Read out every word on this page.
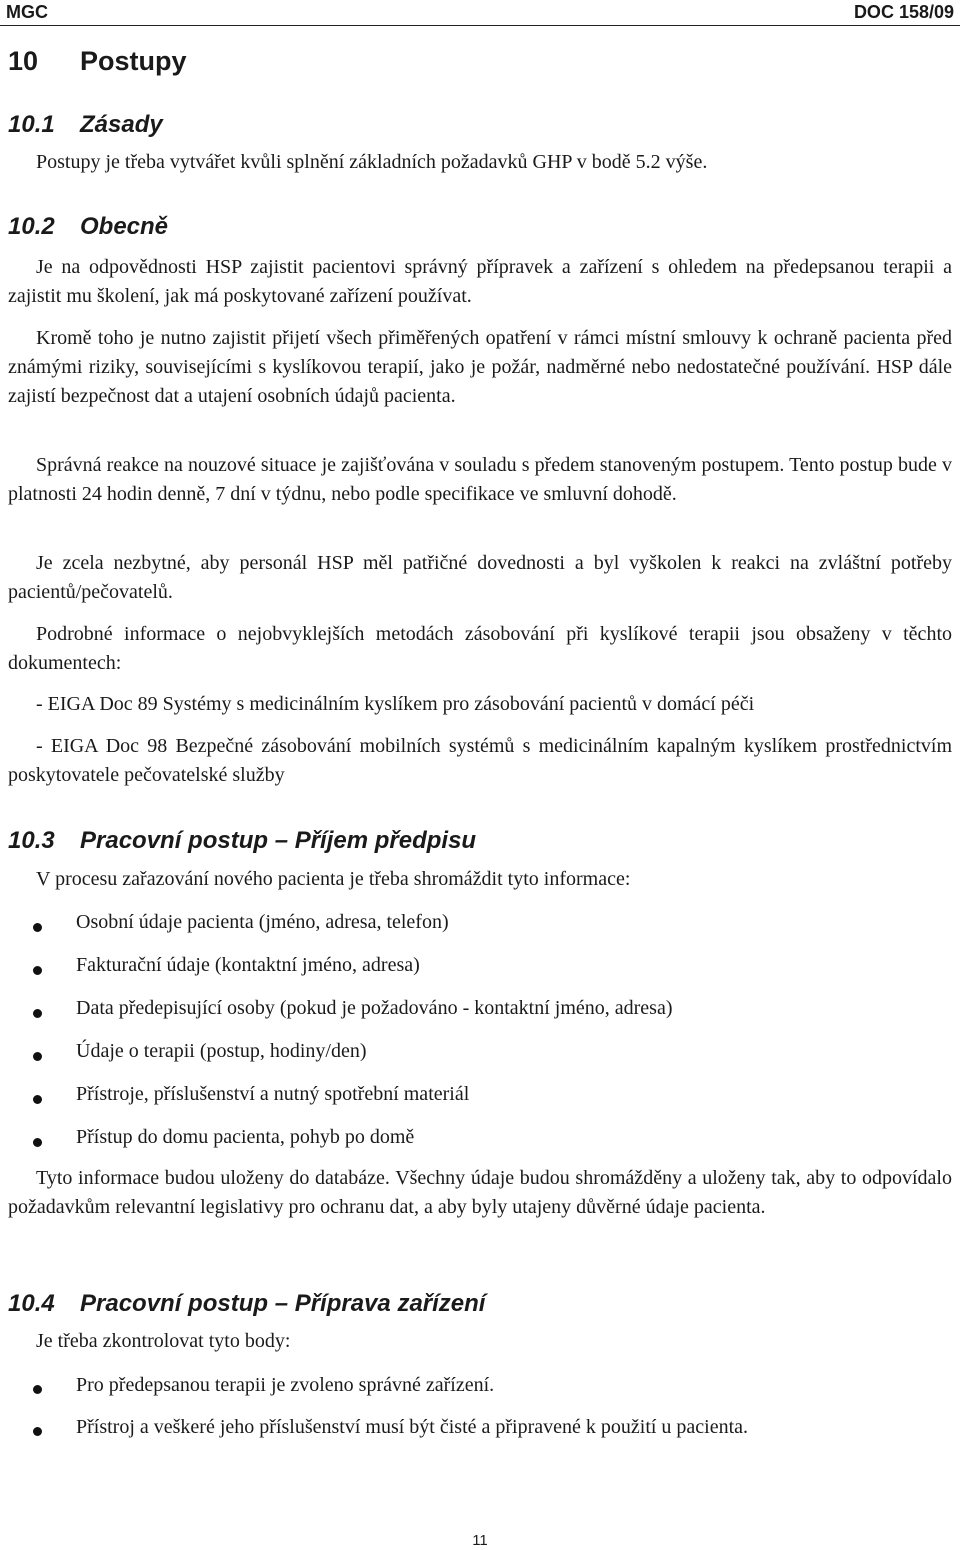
MGC	DOC 158/09
10 Postupy
10.1 Zásady

Postupy je třeba vytvářet kvůli splnění základních požadavků GHP v bodě 5.2 výše.

10.2 Obecně

Je na odpovědnosti HSP zajistit pacientovi správný přípravek a zařízení s ohledem na předepsanou terapii a zajistit mu školení, jak má poskytované zařízení používat.

Kromě toho je nutno zajistit přijetí všech přiměřených opatření v rámci místní smlouvy k ochraně pacienta před známými riziky, souvisejícími s kyslíkovou terapií, jako je požár, nadměrné nebo nedostatečné používání. HSP dále zajistí bezpečnost dat a utajení osobních údajů pacienta.

Správná reakce na nouzové situace je zajišťována v souladu s předem stanoveným postupem. Tento postup bude v platnosti 24 hodin denně, 7 dní v týdnu, nebo podle specifikace ve smluvní dohodě.

Je zcela nezbytné, aby personál HSP měl patřičné dovednosti a byl vyškolen k reakci na zvláštní potřeby pacientů/pečovatelů.

Podrobné informace o nejobvyklejších metodách zásobování při kyslíkové terapii jsou obsaženy v těchto dokumentech:

- EIGA Doc 89 Systémy s medicinálním kyslíkem pro zásobování pacientů v domácí péči

- EIGA Doc 98 Bezpečné zásobování mobilních systémů s medicinálním kapalným kyslíkem prostřednictvím poskytovatele pečovatelské služby

10.3 Pracovní postup – Příjem předpisu

V procesu zařazování nového pacienta je třeba shromáždit tyto informace:

Osobní údaje pacienta (jméno, adresa, telefon)
Fakturační údaje (kontaktní jméno, adresa)
Data předepisující osoby (pokud je požadováno - kontaktní jméno, adresa)
Údaje o terapii (postup, hodiny/den)
Přístroje, příslušenství a nutný spotřební materiál
Přístup do domu pacienta, pohyb po domě

Tyto informace budou uloženy do databáze. Všechny údaje budou shromážděny a uloženy tak, aby to odpovídalo požadavkům relevantní legislativy pro ochranu dat, a aby byly utajeny důvěrné údaje pacienta.

10.4 Pracovní postup – Příprava zařízení

Je třeba zkontrolovat tyto body:

Pro předepsanou terapii je zvoleno správné zařízení.
Přístroj a veškeré jeho příslušenství musí být čisté a připravené k použití u pacienta.
11
